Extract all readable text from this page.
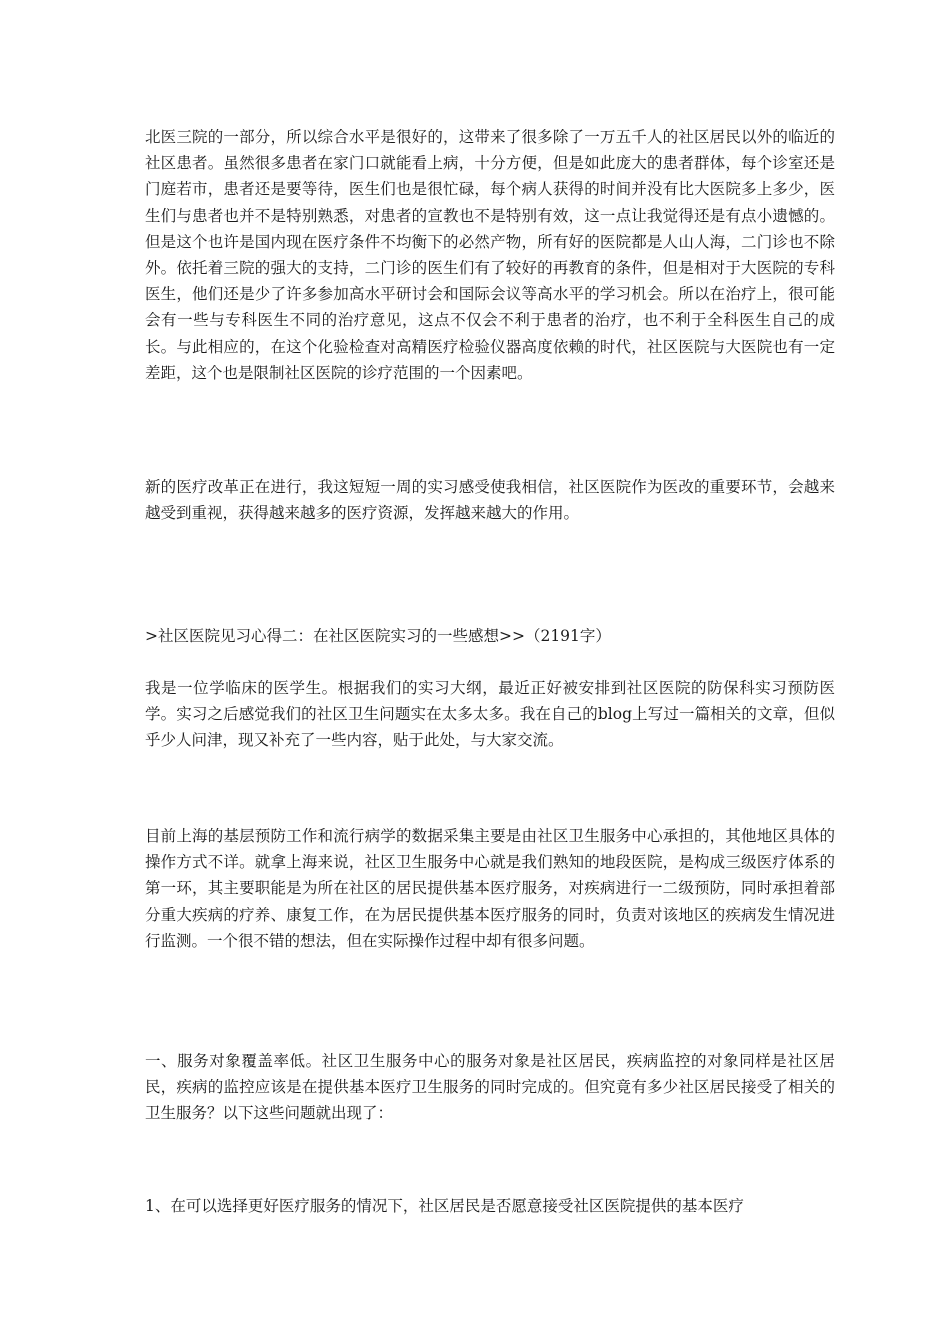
北医三院的一部分，所以综合水平是很好的，这带来了很多除了一万五千人的社区居民以外的临近的社区患者。虽然很多患者在家门口就能看上病，十分方便，但是如此庞大的患者群体，每个诊室还是门庭若市，患者还是要等待，医生们也是很忙碌，每个病人获得的时间并没有比大医院多上多少，医生们与患者也并不是特别熟悉，对患者的宣教也不是特别有效，这一点让我觉得还是有点小遗憾的。但是这个也许是国内现在医疗条件不均衡下的必然产物，所有好的医院都是人山人海，二门诊也不除外。依托着三院的强大的支持，二门诊的医生们有了较好的再教育的条件，但是相对于大医院的专科医生，他们还是少了许多参加高水平研讨会和国际会议等高水平的学习机会。所以在治疗上，很可能会有一些与专科医生不同的治疗意见，这点不仅会不利于患者的治疗，也不利于全科医生自己的成长。与此相应的，在这个化验检查对高精医疗检验仪器高度依赖的时代，社区医院与大医院也有一定差距，这个也是限制社区医院的诊疗范围的一个因素吧。

新的医疗改革正在进行，我这短短一周的实习感受使我相信，社区医院作为医改的重要环节，会越来越受到重视，获得越来越多的医疗资源，发挥越来越大的作用。

>社区医院见习心得二：在社区医院实习的一些感想>>（2191字）

我是一位学临床的医学生。根据我们的实习大纲，最近正好被安排到社区医院的防保科实习预防医学。实习之后感觉我们的社区卫生问题实在太多太多。我在自己的blog上写过一篇相关的文章，但似乎少人问津，现又补充了一些内容，贴于此处，与大家交流。

目前上海的基层预防工作和流行病学的数据采集主要是由社区卫生服务中心承担的，其他地区具体的操作方式不详。就拿上海来说，社区卫生服务中心就是我们熟知的地段医院，是构成三级医疗体系的第一环，其主要职能是为所在社区的居民提供基本医疗服务，对疾病进行一二级预防，同时承担着部分重大疾病的疗养、康复工作，在为居民提供基本医疗服务的同时，负责对该地区的疾病发生情况进行监测。一个很不错的想法，但在实际操作过程中却有很多问题。

一、服务对象覆盖率低。社区卫生服务中心的服务对象是社区居民，疾病监控的对象同样是社区居民，疾病的监控应该是在提供基本医疗卫生服务的同时完成的。但究竟有多少社区居民接受了相关的卫生服务？以下这些问题就出现了：

1、在可以选择更好医疗服务的情况下，社区居民是否愿意接受社区医院提供的基本医疗
